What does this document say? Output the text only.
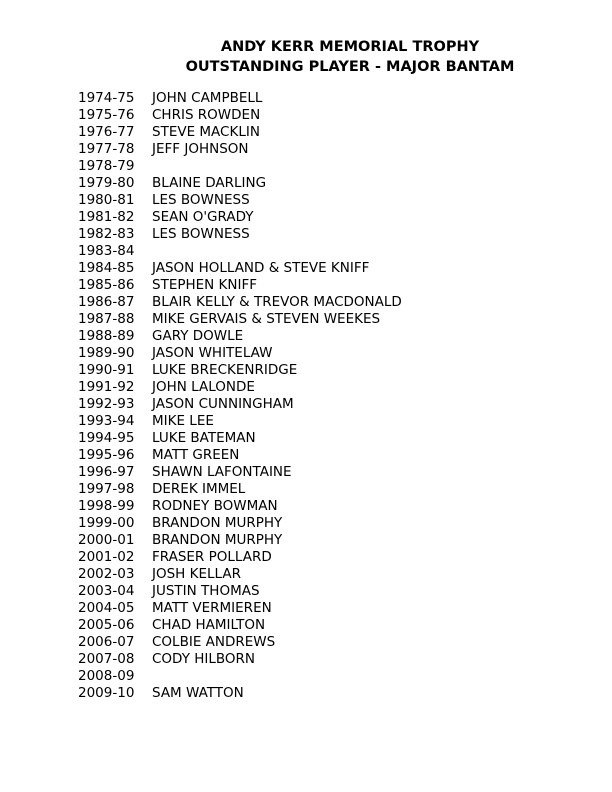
ANDY KERR MEMORIAL TROPHY
OUTSTANDING PLAYER - MAJOR BANTAM
1974-75 JOHN CAMPBELL
1975-76 CHRIS ROWDEN
1976-77 STEVE MACKLIN
1977-78 JEFF JOHNSON
1978-79
1979-80 BLAINE DARLING
1980-81 LES BOWNESS
1981-82 SEAN O'GRADY
1982-83 LES BOWNESS
1983-84
1984-85 JASON HOLLAND & STEVE KNIFF
1985-86 STEPHEN KNIFF
1986-87 BLAIR KELLY & TREVOR MACDONALD
1987-88 MIKE GERVAIS & STEVEN WEEKES
1988-89 GARY DOWLE
1989-90 JASON WHITELAW
1990-91 LUKE BRECKENRIDGE
1991-92 JOHN LALONDE
1992-93 JASON CUNNINGHAM
1993-94 MIKE LEE
1994-95 LUKE BATEMAN
1995-96 MATT GREEN
1996-97 SHAWN LAFONTAINE
1997-98 DEREK IMMEL
1998-99 RODNEY BOWMAN
1999-00 BRANDON MURPHY
2000-01 BRANDON MURPHY
2001-02 FRASER POLLARD
2002-03 JOSH KELLAR
2003-04 JUSTIN THOMAS
2004-05 MATT VERMIEREN
2005-06 CHAD HAMILTON
2006-07 COLBIE ANDREWS
2007-08 CODY HILBORN
2008-09
2009-10 SAM WATTON
